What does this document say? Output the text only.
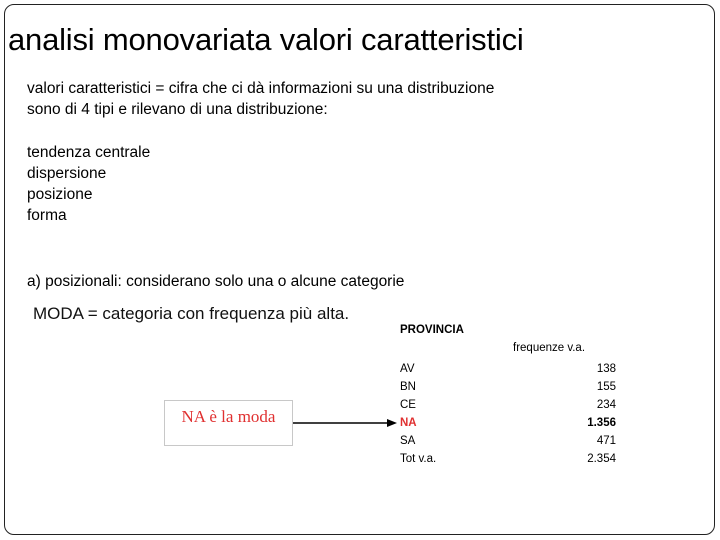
analisi monovariata valori caratteristici
valori caratteristici = cifra che ci dà informazioni su una distribuzione
sono di 4 tipi e rilevano di una distribuzione:
tendenza centrale
dispersione
posizione
forma
a) posizionali: considerano solo una o alcune categorie
MODA = categoria con frequenza più alta.
PROVINCIA
frequenze v.a.
AV	138
BN	155
CE	234
NA	1.356
SA	471
Tot v.a.	2.354
NA è la moda
